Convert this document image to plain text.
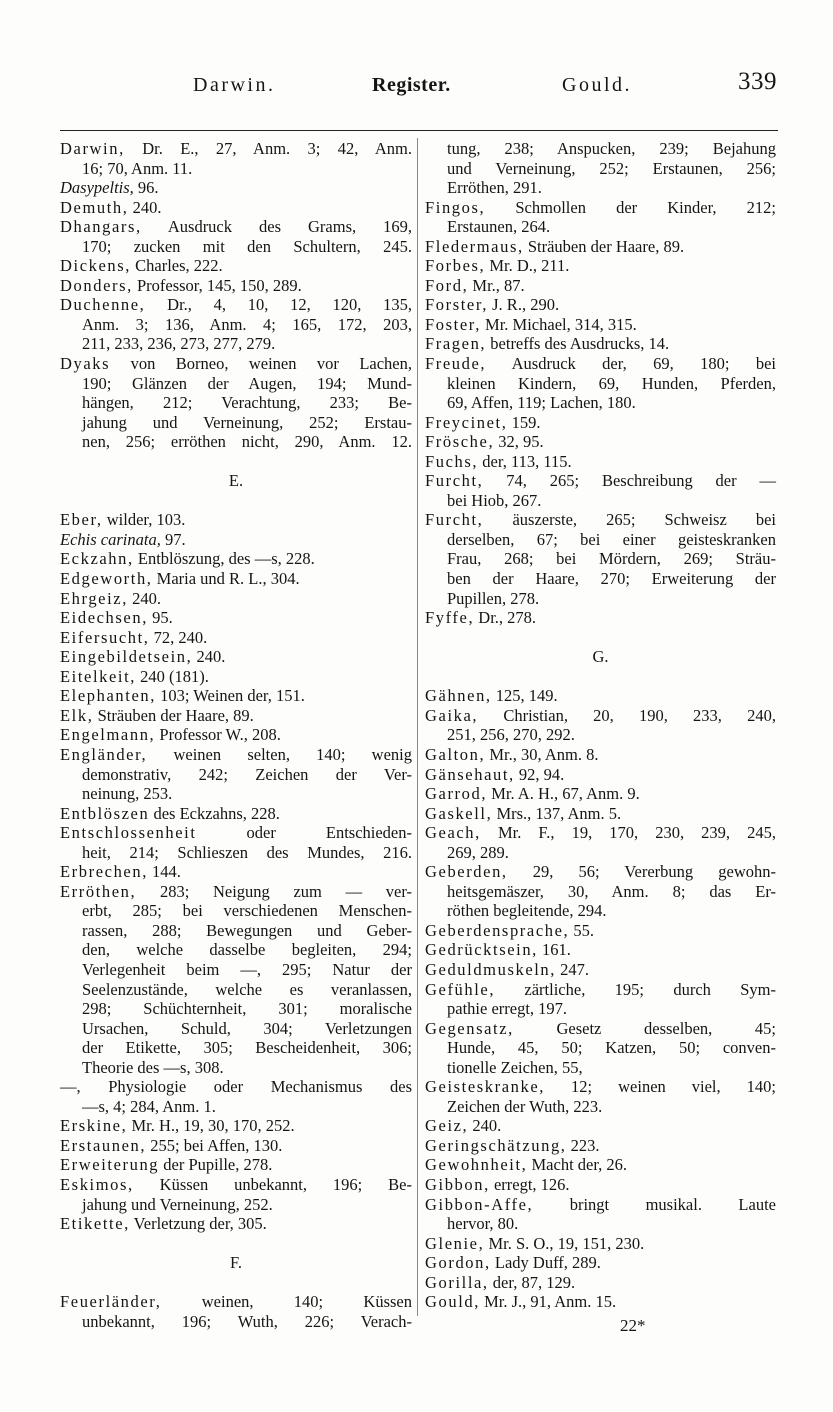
Darwin.	Register.	Gould.	339
Darwin, Dr. E., 27, Anm. 3; 42, Anm.
16; 70, Anm. 11.
Dasypeltis, 96.
Demuth, 240.
Dhangars, Ausdruck des Grams, 169,
170; zucken mit den Schultern, 245.
Dickens, Charles, 222.
Donders, Professor, 145, 150, 289.
Duchenne, Dr., 4, 10, 12, 120, 135,
Anm. 3; 136, Anm. 4; 165, 172, 203,
211, 233, 236, 273, 277, 279.
Dyaks von Borneo, weinen vor Lachen,
190; Glänzen der Augen, 194; Mund-
hängen, 212; Verachtung, 233; Be-
jahung und Verneinung, 252; Erstau-
nen, 256; erröthen nicht, 290, Anm. 12.
E.
Eber, wilder, 103.
Echis carinata, 97.
Eckzahn, Entblöszung, des —s, 228.
Edgeworth, Maria und R. L., 304.
Ehrgeiz, 240.
Eidechsen, 95.
Eifersucht, 72, 240.
Eingebildetsein, 240.
Eitelkeit, 240 (181).
Elephanten, 103; Weinen der, 151.
Elk, Sträuben der Haare, 89.
Engelmann, Professor W., 208.
Engländer, weinen selten, 140; wenig
demonstrativ, 242; Zeichen der Ver-
neinung, 253.
Entblöszen des Eckzahns, 228.
Entschlossenheit oder Entschieden-
heit, 214; Schlieszen des Mundes, 216.
Erbrechen, 144.
Erröthen, 283; Neigung zum — ver-
erbt, 285; bei verschiedenen Menschen-
rassen, 288; Bewegungen und Geber-
den, welche dasselbe begleiten, 294;
Verlegenheit beim —, 295; Natur der
Seelenzustände, welche es veranlassen,
298; Schüchternheit, 301; moralische
Ursachen, Schuld, 304; Verletzungen
der Etikette, 305; Bescheidenheit, 306;
Theorie des —s, 308.
—, Physiologie oder Mechanismus des
—s, 4; 284, Anm. 1.
Erskine, Mr. H., 19, 30, 170, 252.
Erstaunen, 255; bei Affen, 130.
Erweiterung der Pupille, 278.
Eskimos, Küssen unbekannt, 196; Be-
jahung und Verneinung, 252.
Etikette, Verletzung der, 305.
F.
Feuerländer, weinen, 140; Küssen
unbekannt, 196; Wuth, 226; Verach-
tung, 238; Anspucken, 239; Bejahung
und Verneinung, 252; Erstaunen, 256;
Erröthen, 291.
Fingos, Schmollen der Kinder, 212;
Erstaunen, 264.
Fledermaus, Sträuben der Haare, 89.
Forbes, Mr. D., 211.
Ford, Mr., 87.
Forster, J. R., 290.
Foster, Mr. Michael, 314, 315.
Fragen, betreffs des Ausdrucks, 14.
Freude, Ausdruck der, 69, 180; bei
kleinen Kindern, 69, Hunden, Pferden,
69, Affen, 119; Lachen, 180.
Freycinet, 159.
Frösche, 32, 95.
Fuchs, der, 113, 115.
Furcht, 74, 265; Beschreibung der —
bei Hiob, 267.
Furcht, äuszerste, 265; Schweisz bei
derselben, 67; bei einer geisteskranken
Frau, 268; bei Mördern, 269; Sträu-
ben der Haare, 270; Erweiterung der
Pupillen, 278.
Fyffe, Dr., 278.
G.
Gähnen, 125, 149.
Gaika, Christian, 20, 190, 233, 240,
251, 256, 270, 292.
Galton, Mr., 30, Anm. 8.
Gänsehaut, 92, 94.
Garrod, Mr. A. H., 67, Anm. 9.
Gaskell, Mrs., 137, Anm. 5.
Geach, Mr. F., 19, 170, 230, 239, 245,
269, 289.
Geberden, 29, 56; Vererbung gewohn-
heitsgemäszer, 30, Anm. 8; das Er-
röthen begleitende, 294.
Geberdensprache, 55.
Gedrücktsein, 161.
Geduldmuskeln, 247.
Gefühle, zärtliche, 195; durch Sym-
pathie erregt, 197.
Gegensatz, Gesetz desselben, 45;
Hunde, 45, 50; Katzen, 50; conven-
tionelle Zeichen, 55,
Geisteskranke, 12; weinen viel, 140;
Zeichen der Wuth, 223.
Geiz, 240.
Geringschätzung, 223.
Gewohnheit, Macht der, 26.
Gibbon, erregt, 126.
Gibbon-Affe, bringt musikal. Laute
hervor, 80.
Glenie, Mr. S. O., 19, 151, 230.
Gordon, Lady Duff, 289.
Gorilla, der, 87, 129.
Gould, Mr. J., 91, Anm. 15.
22*
